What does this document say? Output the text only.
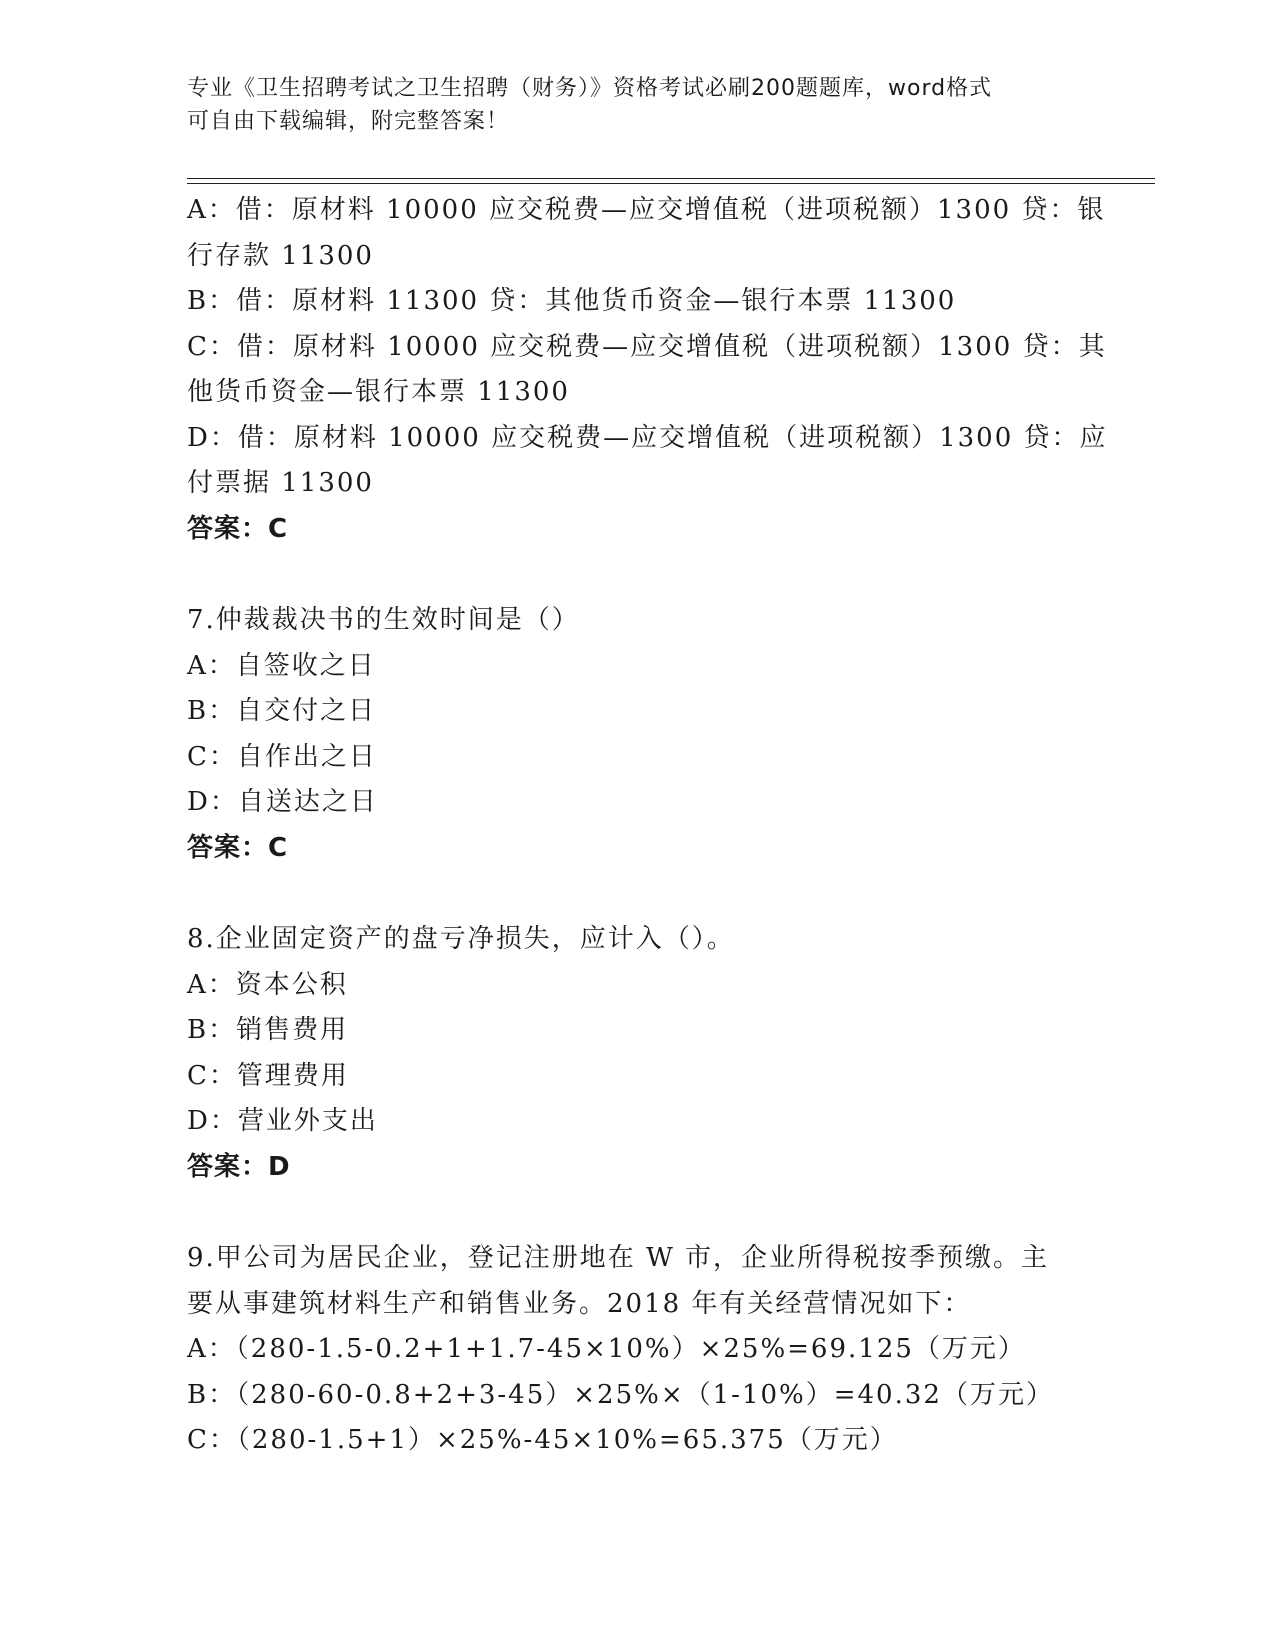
专业《卫生招聘考试之卫生招聘（财务）》资格考试必刷200题题库，word格式
可自由下载编辑，附完整答案！
A：借：原材料 10000 应交税费—应交增值税（进项税额）1300 贷：银
行存款 11300
B：借：原材料 11300 贷：其他货币资金—银行本票 11300
C：借：原材料 10000 应交税费—应交增值税（进项税额）1300 贷：其
他货币资金—银行本票 11300
D：借：原材料 10000 应交税费—应交增值税（进项税额）1300 贷：应
付票据 11300
答案：C
7.仲裁裁决书的生效时间是（）
A：自签收之日
B：自交付之日
C：自作出之日
D：自送达之日
答案：C
8.企业固定资产的盘亏净损失，应计入（）。
A：资本公积
B：销售费用
C：管理费用
D：营业外支出
答案：D
9.甲公司为居民企业，登记注册地在 W 市，企业所得税按季预缴。主
要从事建筑材料生产和销售业务。2018 年有关经营情况如下：
A：（280-1.5-0.2+1+1.7-45×10%）×25%=69.125（万元）
B：（280-60-0.8+2+3-45）×25%×（1-10%）=40.32（万元）
C：（280-1.5+1）×25%-45×10%=65.375（万元）
